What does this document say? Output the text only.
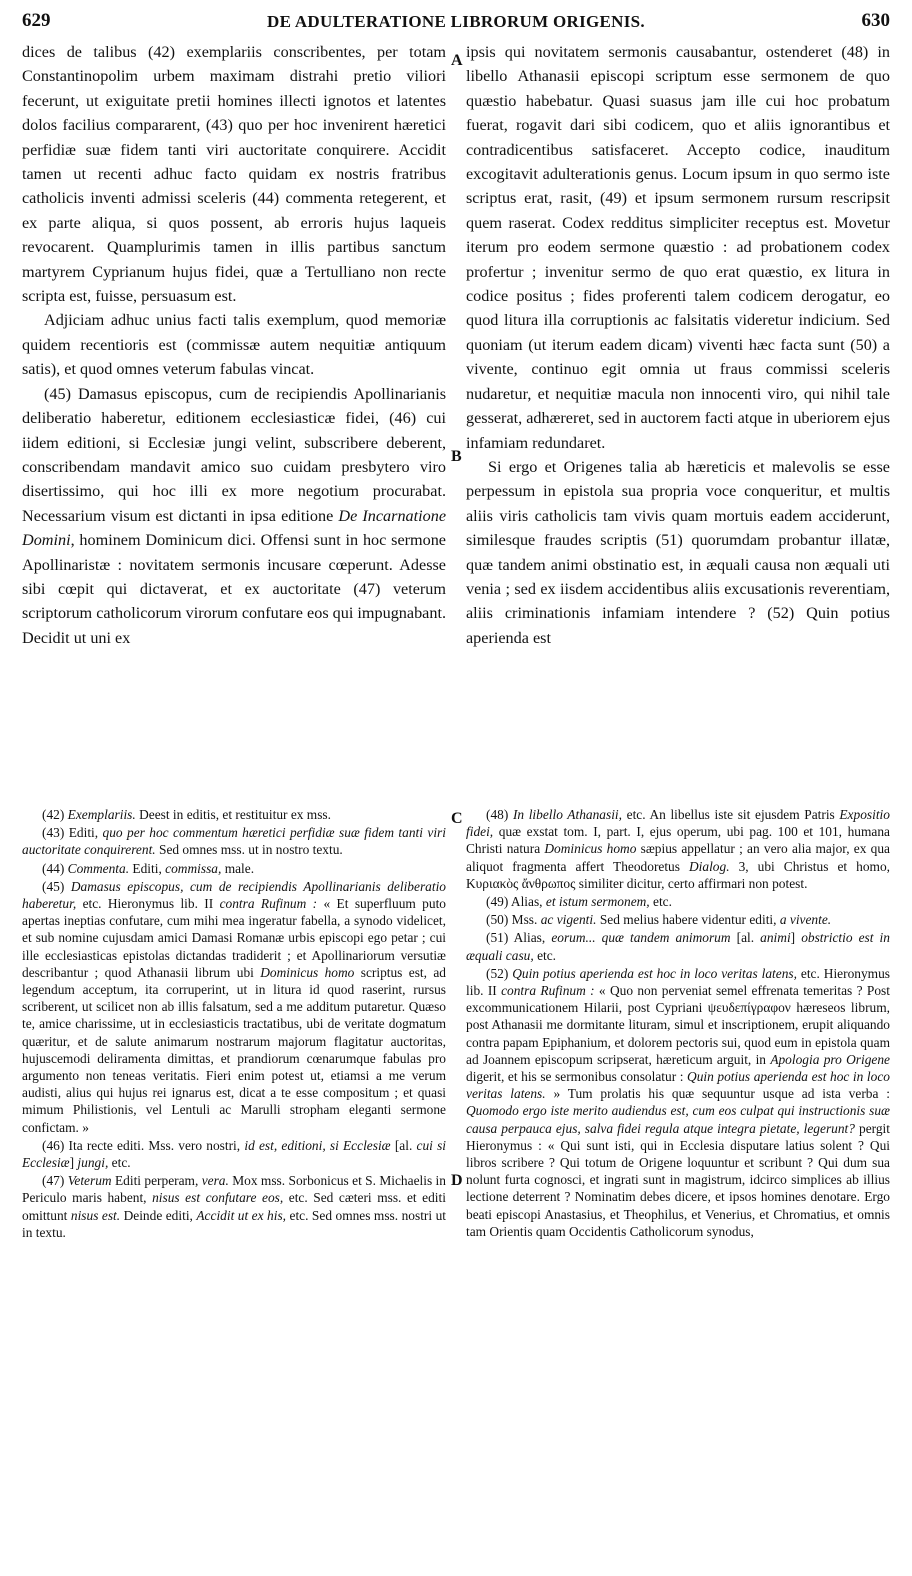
629	DE ADULTERATIONE LIBRORUM ORIGENIS.	630

dices de talibus (42) exemplariis conscribentes, per totam Constantinopolim urbem maximam distrahi pretio viliori fecerunt, ut exiguitate pretii homines illecti ignotos et latentes dolos facilius compararent, (43) quo per hoc invenirent hæretici perfidiæ suæ fidem tanti viri auctoritate conquirere. Accidit tamen ut recenti adhuc facto quidam ex nostris fratribus catholicis inventi admissi sceleris (44) commenta retegerent, et ex parte aliqua, si quos possent, ab erroris hujus laqueis revocarent. Quamplurimis tamen in illis partibus sanctum martyrem Cyprianum hujus fidei, quæ a Tertulliano non recte scripta est, fuisse, persuasum est.

Adjiciam adhuc unius facti talis exemplum, quod memoriæ quidem recentioris est (commissæ autem nequitiæ antiquum satis), et quod omnes veterum fabulas vincat.

(45) Damasus episcopus, cum de recipiendis Apollinarianis deliberatio haberetur, editionem ecclesiasticæ fidei, (46) cui iidem editioni, si Ecclesiæ jungi velint, subscribere deberent, conscribendam mandavit amico suo cuidam presbytero viro disertissimo, qui hoc illi ex more negotium procurabat. Necessarium visum est dictanti in ipsa editione De Incarnatione Domini, hominem Dominicum dici. Offensi sunt in hoc sermone Apollinaristæ : novitatem sermonis incusare cœperunt. Adesse sibi cœpit qui dictaverat, et ex auctoritate (47) veterum scriptorum catholicorum virorum confutare eos qui impugnabant. Decidit ut uni ex

ipsis qui novitatem sermonis causabantur, ostenderet (48) in libello Athanasii episcopi scriptum esse sermonem de quo quæstio habebatur. Quasi suasus jam ille cui hoc probatum fuerat, rogavit dari sibi codicem, quo et aliis ignorantibus et contradicentibus satisfaceret. Accepto codice, inauditum excogitavit adulterationis genus. Locum ipsum in quo sermo iste scriptus erat, rasit, (49) et ipsum sermonem rursum rescripsit quem raserat. Codex redditus simpliciter receptus est. Movetur iterum pro eodem sermone quæstio : ad probationem codex profertur ; invenitur sermo de quo erat quæstio, ex litura in codice positus ; fides proferenti talem codicem derogatur, eo quod litura illa corruptionis ac falsitatis videretur indicium. Sed quoniam (ut iterum eadem dicam) viventi hæc facta sunt (50) a vivente, continuo egit omnia ut fraus commissi sceleris nudaretur, et nequitiæ macula non innocenti viro, qui nihil tale gesserat, adhæreret, sed in auctorem facti atque in uberiorem ejus infamiam redundaret.

Si ergo et Origenes talia ab hæreticis et malevolis se esse perpessum in epistola sua propria voce conqueritur, et multis aliis viris catholicis tam vivis quam mortuis eadem acciderunt, similesque fraudes scriptis (51) quorumdam probantur illatæ, quæ tandem animi obstinatio est, in æquali causa non æquali uti venia ; sed ex iisdem accidentibus aliis excusationis reverentiam, aliis criminationis infamiam intendere ? (52) Quin potius aperienda est

A
B
C
D

(42) Exemplariis. Deest in editis, et restituitur ex mss.

(43) Editi, quo per hoc commentum hæretici perfidiæ suæ fidem tanti viri auctoritate conquirerent. Sed omnes mss. ut in nostro textu.

(44) Commenta. Editi, commissa, male.

(45) Damasus episcopus, cum de recipiendis Apollinarianis deliberatio haberetur, etc. Hieronymus lib. II contra Rufinum : « Et superfluum puto apertas ineptias confutare, cum mihi mea ingeratur fabella, a synodo videlicet, et sub nomine cujusdam amici Damasi Romanæ urbis episcopi ego petar ; cui ille ecclesiasticas epistolas dictandas tradiderit ; et Apollinariorum versutiæ describantur ; quod Athanasii librum ubi Dominicus homo scriptus est, ad legendum acceptum, ita corruperint, ut in litura id quod raserint, rursus scriberent, ut scilicet non ab illis falsatum, sed a me additum putaretur. Quæso te, amice charissime, ut in ecclesiasticis tractatibus, ubi de veritate dogmatum quæritur, et de salute animarum nostrarum majorum flagitatur auctoritas, hujuscemodi deliramenta dimittas, et prandiorum cœnarumque fabulas pro argumento non teneas veritatis. Fieri enim potest ut, etiamsi a me verum audisti, alius qui hujus rei ignarus est, dicat a te esse compositum ; et quasi mimum Philistionis, vel Lentuli ac Marulli stropham eleganti sermone confictam. »

(46) Ita recte editi. Mss. vero nostri, id est, editioni, si Ecclesiæ [al. cui si Ecclesiæ] jungi, etc.

(47) Veterum Editi perperam, vera. Mox mss. Sorbonicus et S. Michaelis in Periculo maris habent, nisus est confutare eos, etc. Sed cæteri mss. et editi omittunt nisus est. Deinde editi, Accidit ut ex his, etc. Sed omnes mss. nostri ut in textu.

(48) In libello Athanasii, etc. An libellus iste sit ejusdem Patris Expositio fidei, quæ exstat tom. I, part. I, ejus operum, ubi pag. 100 et 101, humana Christi natura Dominicus homo sæpius appellatur ; an vero alia major, ex qua aliquot fragmenta affert Theodoretus Dialog. 3, ubi Christus et homo, Κυριακὸς ἄνθρωπος similiter dicitur, certo affirmari non potest.

(49) Alias, et istum sermonem, etc.

(50) Mss. ac vigenti. Sed melius habere videntur editi, a vivente.

(51) Alias, eorum... quæ tandem animorum [al. animi] obstrictio est in æquali casu, etc.

(52) Quin potius aperienda est hoc in loco veritas latens, etc. Hieronymus lib. II contra Rufinum : « Quo non perveniat semel effrenata temeritas ? Post excommunicationem Hilarii, post Cypriani ψευδεπίγραφον hæreseos librum, post Athanasii me dormitante lituram, simul et inscriptionem, erupit aliquando contra papam Epiphanium, et dolorem pectoris sui, quod eum in epistola quam ad Joannem episcopum scripserat, hæreticum arguit, in Apologia pro Origene digerit, et his se sermonibus consolatur : Quin potius aperienda est hoc in loco veritas latens. » Tum prolatis his quæ sequuntur usque ad ista verba : Quomodo ergo iste merito audiendus est, cum eos culpat qui instructionis suæ causa perpauca ejus, salva fidei regula atque integra pietate, legerunt? pergit Hieronymus : « Qui sunt isti, qui in Ecclesia disputare latius solent ? Qui libros scribere ? Qui totum de Origene loquuntur et scribunt ? Qui dum sua nolunt furta cognosci, et ingrati sunt in magistrum, idcirco simplices ab illius lectione deterrent ? Nominatim debes dicere, et ipsos homines denotare. Ergo beati episcopi Anastasius, et Theophilus, et Venerius, et Chromatius, et omnis tam Orientis quam Occidentis Catholicorum synodus,
